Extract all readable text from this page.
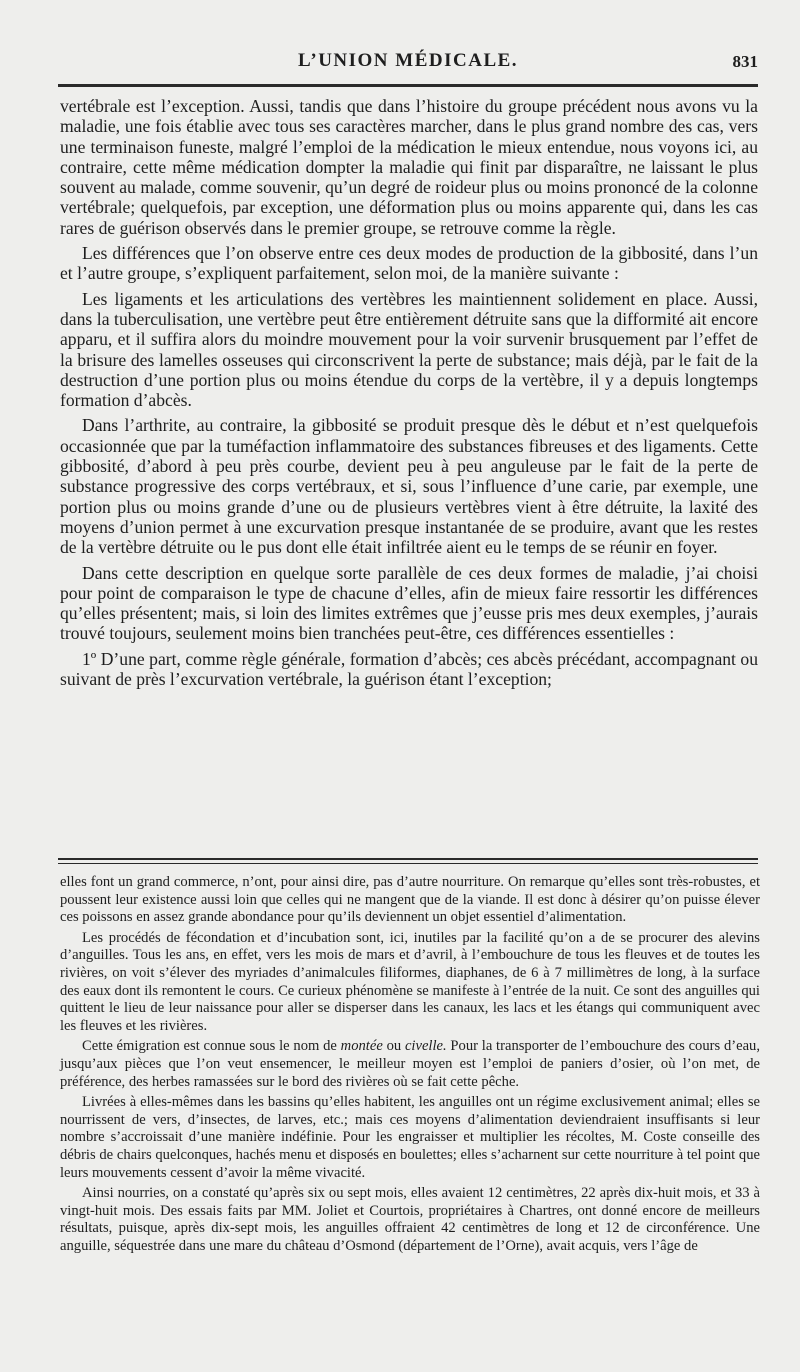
L’UNION MÉDICALE.	831

vertébrale est l’exception. Aussi, tandis que dans l’histoire du groupe précédent nous avons vu la maladie, une fois établie avec tous ses caractères marcher, dans le plus grand nombre des cas, vers une terminaison funeste, malgré l’emploi de la médication le mieux entendue, nous voyons ici, au contraire, cette même médication dompter la maladie qui finit par disparaître, ne laissant le plus souvent au malade, comme souvenir, qu’un degré de roideur plus ou moins prononcé de la colonne vertébrale; quelquefois, par exception, une déformation plus ou moins apparente qui, dans les cas rares de guérison observés dans le premier groupe, se retrouve comme la règle.

Les différences que l’on observe entre ces deux modes de production de la gibbosité, dans l’un et l’autre groupe, s’expliquent parfaitement, selon moi, de la manière suivante :

Les ligaments et les articulations des vertèbres les maintiennent solidement en place. Aussi, dans la tuberculisation, une vertèbre peut être entièrement détruite sans que la difformité ait encore apparu, et il suffira alors du moindre mouvement pour la voir survenir brusquement par l’effet de la brisure des lamelles osseuses qui circonscrivent la perte de substance; mais déjà, par le fait de la destruction d’une portion plus ou moins étendue du corps de la vertèbre, il y a depuis longtemps formation d’abcès.

Dans l’arthrite, au contraire, la gibbosité se produit presque dès le début et n’est quelquefois occasionnée que par la tuméfaction inflammatoire des substances fibreuses et des ligaments. Cette gibbosité, d’abord à peu près courbe, devient peu à peu anguleuse par le fait de la perte de substance progressive des corps vertébraux, et si, sous l’influence d’une carie, par exemple, une portion plus ou moins grande d’une ou de plusieurs vertèbres vient à être détruite, la laxité des moyens d’union permet à une excurvation presque instantanée de se produire, avant que les restes de la vertèbre détruite ou le pus dont elle était infiltrée aient eu le temps de se réunir en foyer.

Dans cette description en quelque sorte parallèle de ces deux formes de maladie, j’ai choisi pour point de comparaison le type de chacune d’elles, afin de mieux faire ressortir les différences qu’elles présentent; mais, si loin des limites extrêmes que j’eusse pris mes deux exemples, j’aurais trouvé toujours, seulement moins bien tranchées peut-être, ces différences essentielles :

1º D’une part, comme règle générale, formation d’abcès; ces abcès précédant, accompagnant ou suivant de près l’excurvation vertébrale, la guérison étant l’exception;

elles font un grand commerce, n’ont, pour ainsi dire, pas d’autre nourriture. On remarque qu’elles sont très-robustes, et poussent leur existence aussi loin que celles qui ne mangent que de la viande. Il est donc à désirer qu’on puisse élever ces poissons en assez grande abondance pour qu’ils deviennent un objet essentiel d’alimentation.

Les procédés de fécondation et d’incubation sont, ici, inutiles par la facilité qu’on a de se procurer des alevins d’anguilles. Tous les ans, en effet, vers les mois de mars et d’avril, à l’embouchure de tous les fleuves et de toutes les rivières, on voit s’élever des myriades d’animalcules filiformes, diaphanes, de 6 à 7 millimètres de long, à la surface des eaux dont ils remontent le cours. Ce curieux phénomène se manifeste à l’entrée de la nuit. Ce sont des anguilles qui quittent le lieu de leur naissance pour aller se disperser dans les canaux, les lacs et les étangs qui communiquent avec les fleuves et les rivières.

Cette émigration est connue sous le nom de montée ou civelle. Pour la transporter de l’embouchure des cours d’eau, jusqu’aux pièces que l’on veut ensemencer, le meilleur moyen est l’emploi de paniers d’osier, où l’on met, de préférence, des herbes ramassées sur le bord des rivières où se fait cette pêche.

Livrées à elles-mêmes dans les bassins qu’elles habitent, les anguilles ont un régime exclusivement animal; elles se nourrissent de vers, d’insectes, de larves, etc.; mais ces moyens d’alimentation deviendraient insuffisants si leur nombre s’accroissait d’une manière indéfinie. Pour les engraisser et multiplier les récoltes, M. Coste conseille des débris de chairs quelconques, hachés menu et disposés en boulettes; elles s’acharnent sur cette nourriture à tel point que leurs mouvements cessent d’avoir la même vivacité.

Ainsi nourries, on a constaté qu’après six ou sept mois, elles avaient 12 centimètres, 22 après dix-huit mois, et 33 à vingt-huit mois. Des essais faits par MM. Joliet et Courtois, propriétaires à Chartres, ont donné encore de meilleurs résultats, puisque, après dix-sept mois, les anguilles offraient 42 centimètres de long et 12 de circonférence. Une anguille, séquestrée dans une mare du château d’Osmond (département de l’Orne), avait acquis, vers l’âge de
